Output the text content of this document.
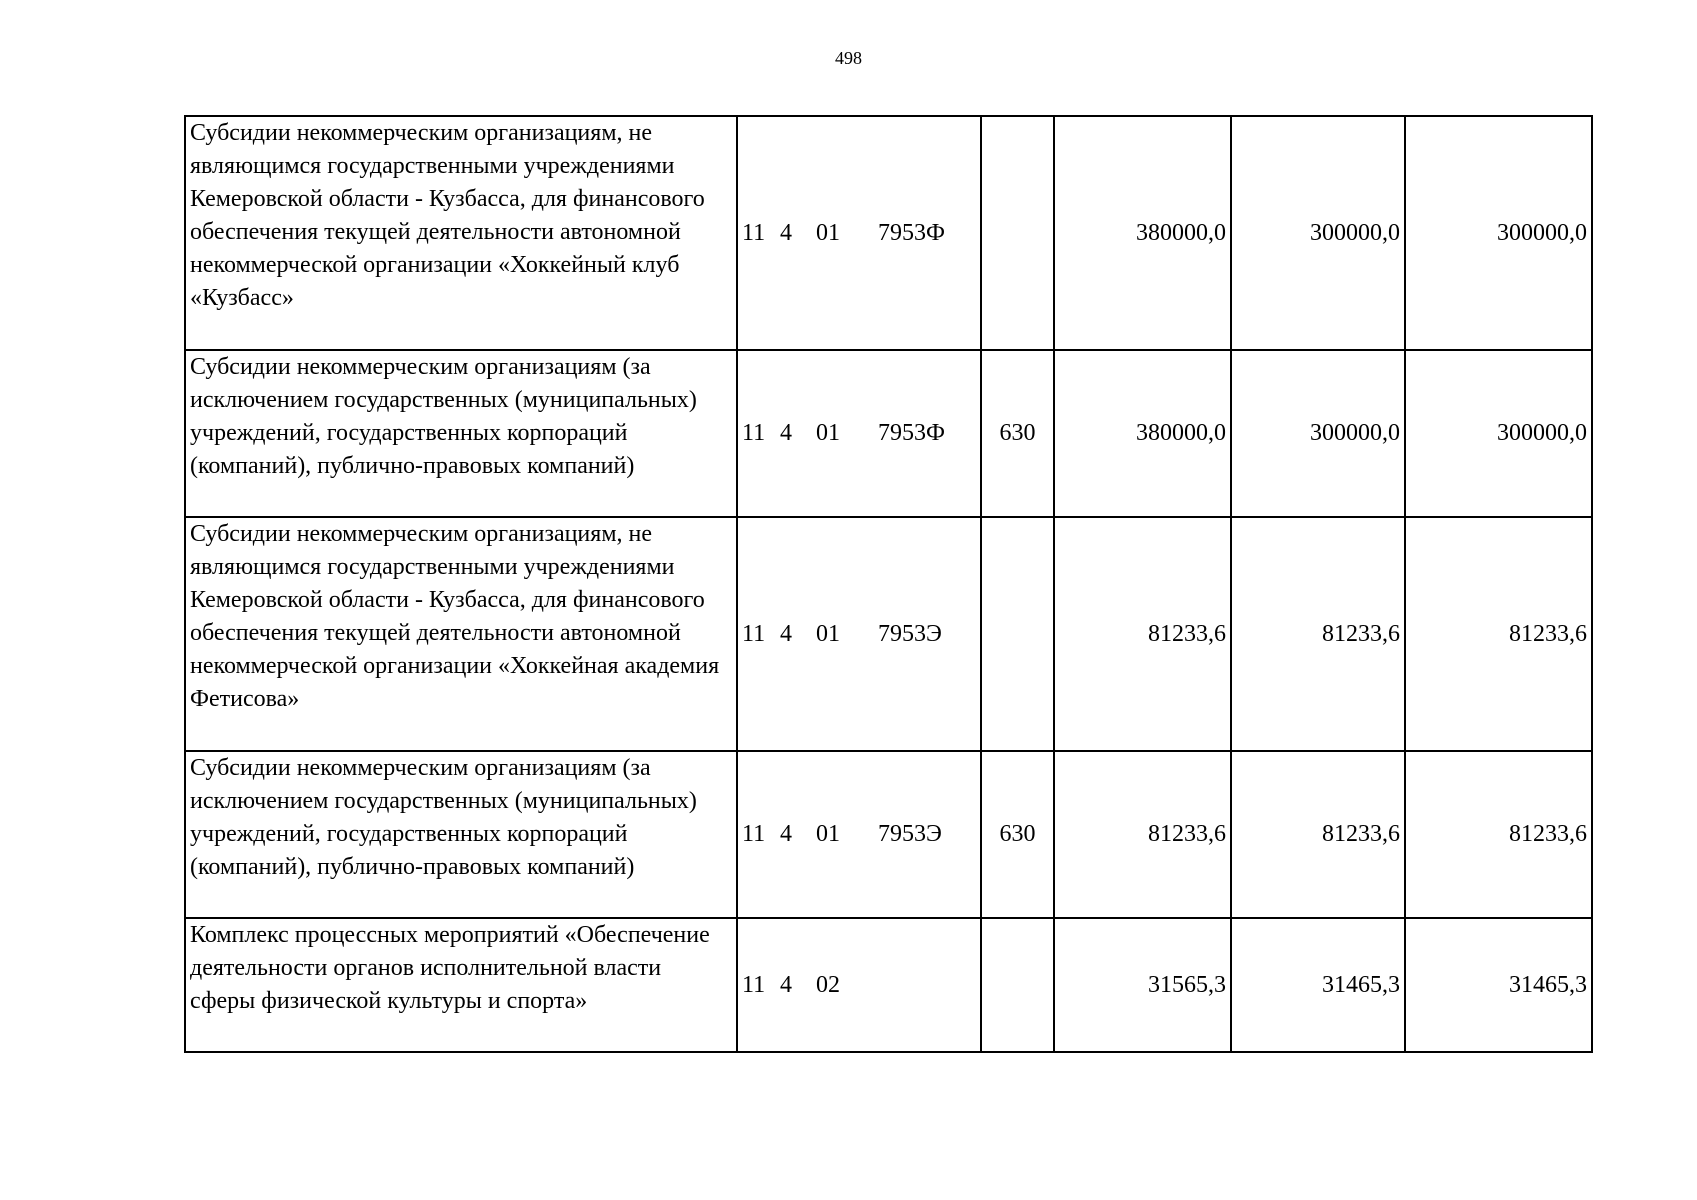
498
Субсидии некоммерческим организациям, не являющимся государственными учреждениями Кемеровской области - Кузбасса, для финансового обеспечения текущей деятельности автономной некоммерческой организации «Хоккейный клуб «Кузбасс»	11 4 01 7953Ф		380000,0	300000,0	300000,0
Субсидии некоммерческим организациям (за исключением государственных (муниципальных) учреждений, государственных корпораций (компаний), публично-правовых компаний)	11 4 01 7953Ф	630	380000,0	300000,0	300000,0
Субсидии некоммерческим организациям, не являющимся государственными учреждениями Кемеровской области - Кузбасса, для финансового обеспечения текущей деятельности автономной некоммерческой организации «Хоккейная академия Фетисова»	11 4 01 7953Э		81233,6	81233,6	81233,6
Субсидии некоммерческим организациям (за исключением государственных (муниципальных) учреждений, государственных корпораций (компаний), публично-правовых компаний)	11 4 01 7953Э	630	81233,6	81233,6	81233,6
Комплекс процессных мероприятий «Обеспечение деятельности органов исполнительной власти сферы физической культуры и спорта»	11 4 02		31565,3	31465,3	31465,3
